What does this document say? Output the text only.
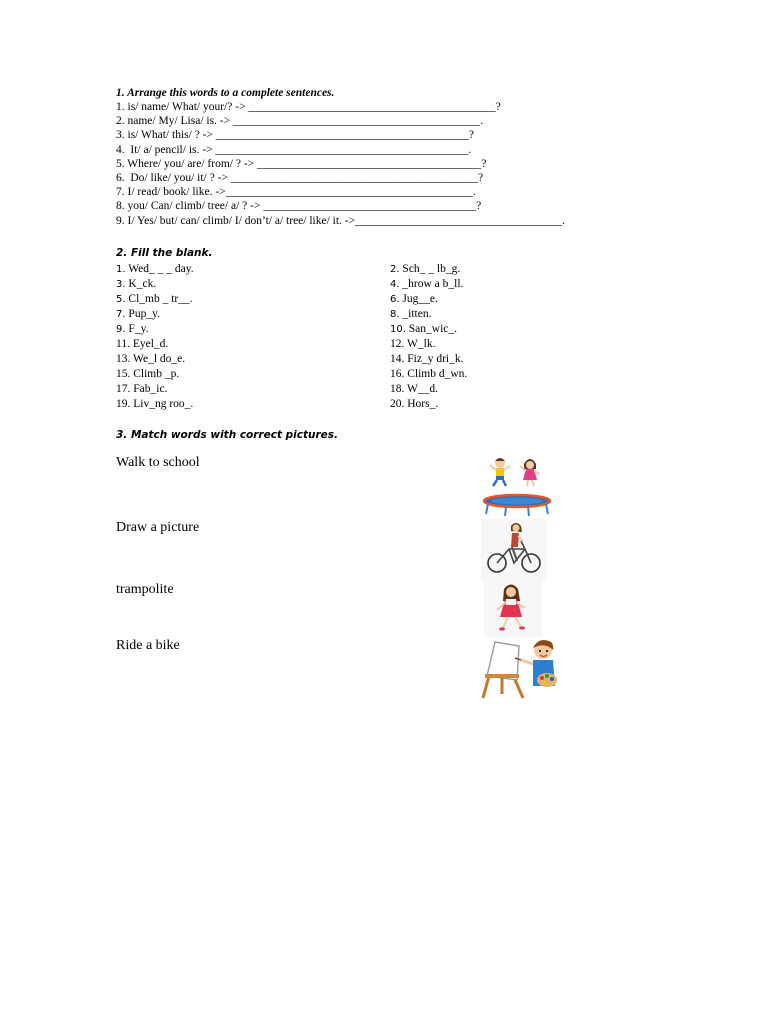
1. Arrange this words to a complete sentences.

1. is/ name/ What/ your/? -> ___________________________________________?
2. name/ My/ Lisa/ is. -> ___________________________________________.
3. is/ What/ this/ ? -> ____________________________________________?
4.  It/ a/ pencil/ is. -> ____________________________________________.
5. Where/ you/ are/ from/ ? -> _______________________________________?
6.  Do/ like/ you/ it/ ? -> ___________________________________________?
7. I/ read/ book/ like. ->___________________________________________.
8. you/ Can/ climb/ tree/ a/ ? -> _____________________________________?
9. I/ Yes/ but/ can/ climb/ I/ don’t/ a/ tree/ like/ it. ->____________________________________.

2. Fill the blank.

1. Wed_ _ _ day.	2. Sch_ _ lb_g.
3. K_ck.	4. _hrow a b_ll.
5. Cl_mb _ tr__.	6. Jug__e.
7. Pup_y.	8. _itten.
9. F_y.	10. San_wic_.
11. Eyel_d.	12. W_lk.
13. We_l do_e.	14. Fiz_y dri_k.
15. Climb _p.	16. Climb d_wn.
17. Fab_ic.	18. W__d.
19. Liv_ng roo_.	20. Hors_.

3. Match words with correct pictures.

Walk to school
Draw a picture
trampolite
Ride a bike
